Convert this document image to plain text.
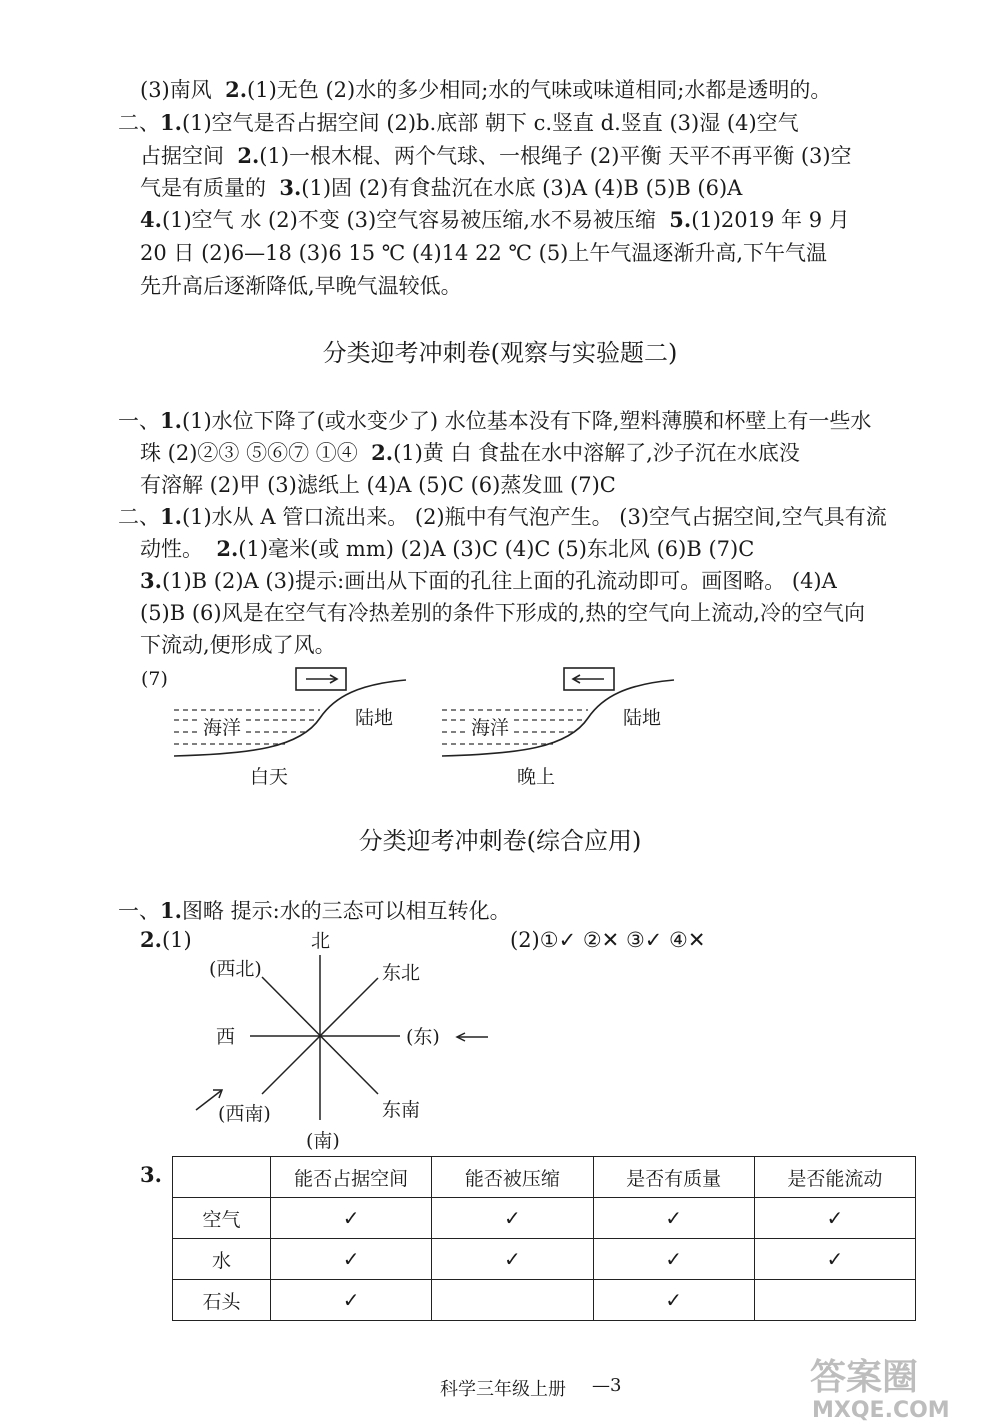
(3)南风 2.(1)无色 (2)水的多少相同;水的气味或味道相同;水都是透明的。
二、1.(1)空气是否占据空间 (2)b.底部 朝下 c.竖直 d.竖直 (3)湿 (4)空气
占据空间 2.(1)一根木棍、两个气球、一根绳子 (2)平衡 天平不再平衡 (3)空
气是有质量的 3.(1)固 (2)有食盐沉在水底 (3)A (4)B (5)B (6)A
4.(1)空气 水 (2)不变 (3)空气容易被压缩,水不易被压缩 5.(1)2019 年 9 月
20 日 (2)6—18 (3)6 15 ℃ (4)14 22 ℃ (5)上午气温逐渐升高,下午气温
先升高后逐渐降低,早晚气温较低。
分类迎考冲刺卷(观察与实验题二)
一、1.(1)水位下降了(或水变少了) 水位基本没有下降,塑料薄膜和杯壁上有一些水
珠 (2)②③ ⑤⑥⑦ ①④ 2.(1)黄 白 食盐在水中溶解了,沙子沉在水底没
有溶解 (2)甲 (3)滤纸上 (4)A (5)C (6)蒸发皿 (7)C
二、1.(1)水从 A 管口流出来。 (2)瓶中有气泡产生。 (3)空气占据空间,空气具有流
动性。 2.(1)毫米(或 mm) (2)A (3)C (4)C (5)东北风 (6)B (7)C
3.(1)B (2)A (3)提示:画出从下面的孔往上面的孔流动即可。画图略。 (4)A
(5)B (6)风是在空气有冷热差别的条件下形成的,热的空气向上流动,冷的空气向
下流动,便形成了风。
(7)
海洋	陆地
白天
海洋	陆地
晚上
分类迎考冲刺卷(综合应用)
一、1.图略 提示:水的三态可以相互转化。
2.(1)	(2)①✓ ②✕ ③✓ ④✕
北
(西北)	东北
西	(东)
(西南)	东南
(南)
3.
		能否占据空间	能否被压缩	是否有质量	是否能流动
空气	✓	✓	✓	✓
水	✓	✓	✓	✓
石头	✓		✓	
科学三年级上册 —3	答案圈
MXQE.COM
